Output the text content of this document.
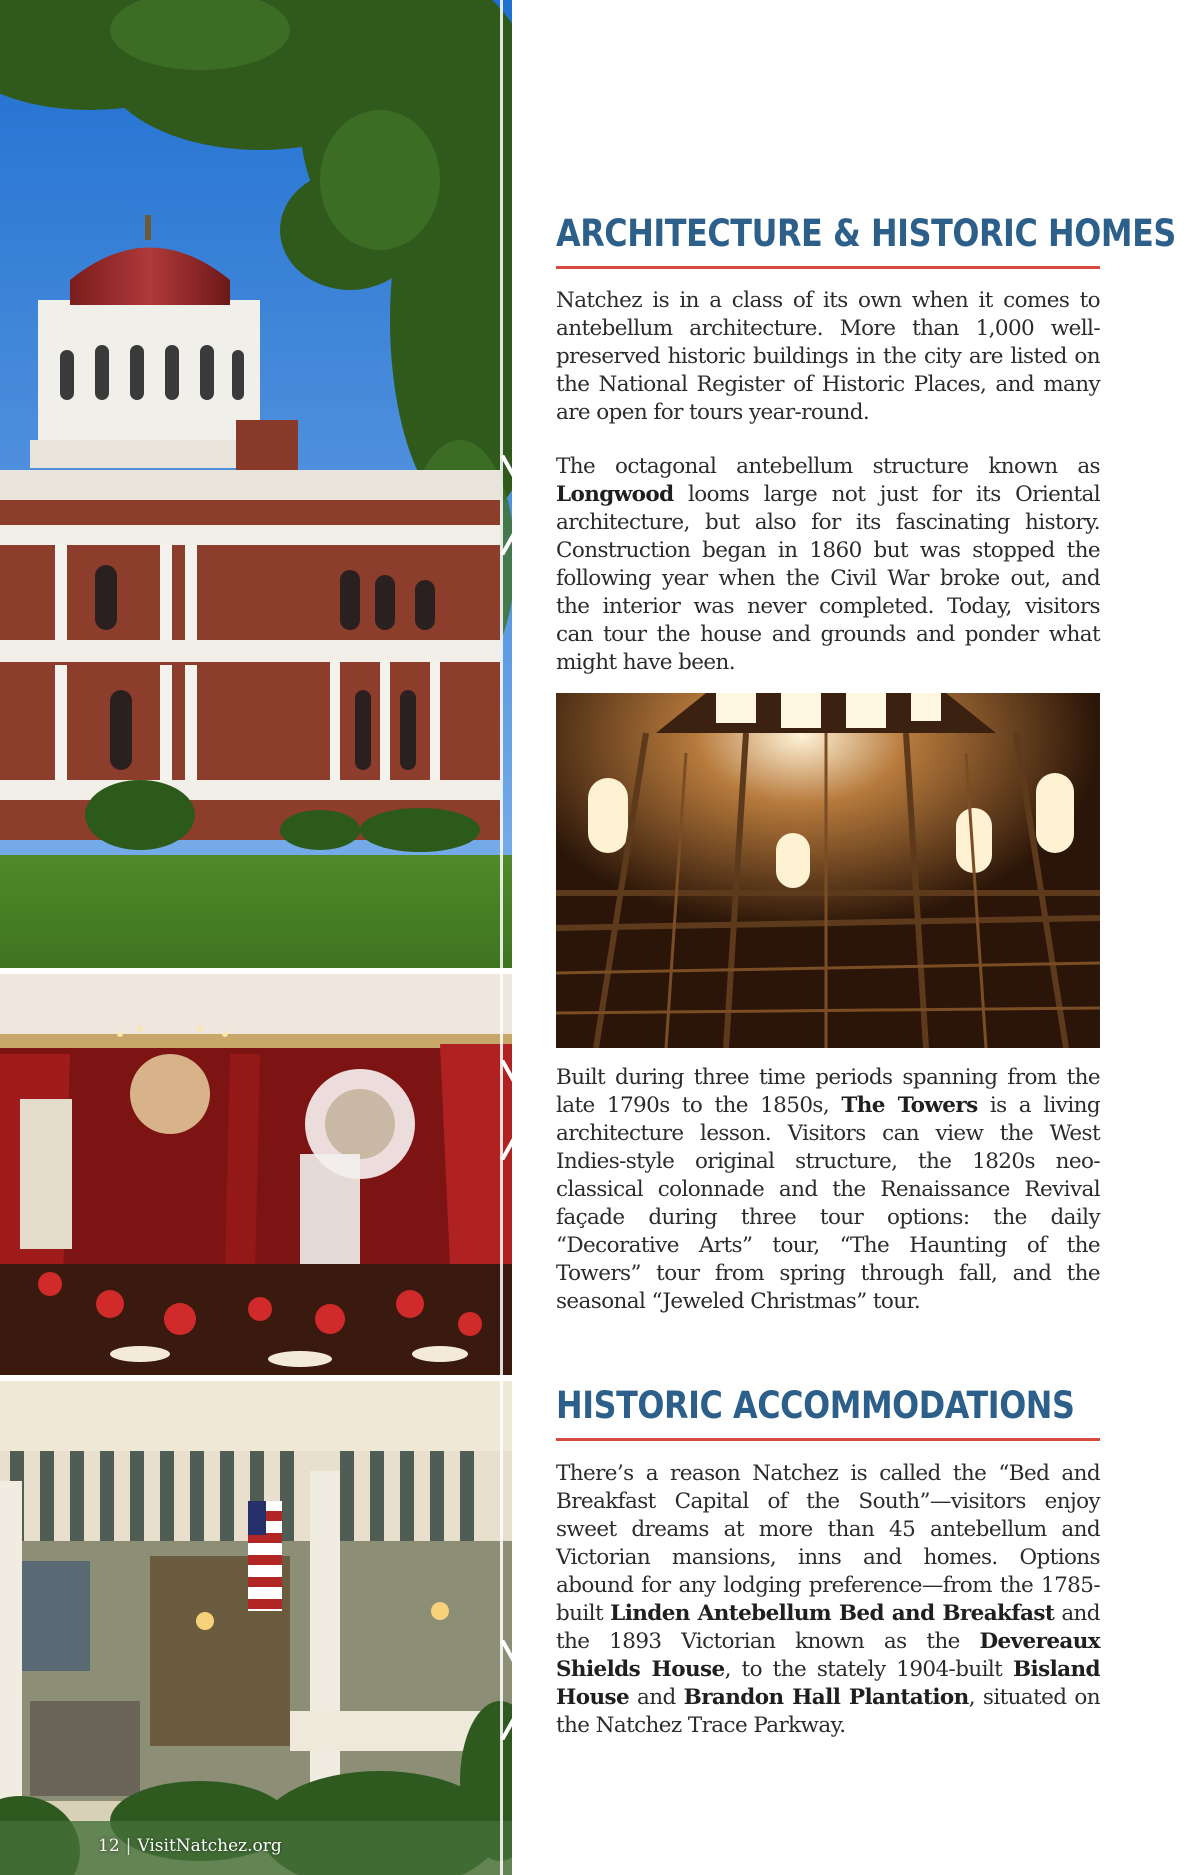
12 | VisitNatchez.org
ARCHITECTURE & HISTORIC HOMES

Natchez is in a class of its own when it comes to antebellum architecture. More than 1,000 well-preserved historic buildings in the city are listed on the National Register of Historic Places, and many are open for tours year-round.

The octagonal antebellum structure known as Longwood looms large not just for its Oriental architecture, but also for its fascinating history. Construction began in 1860 but was stopped the following year when the Civil War broke out, and the interior was never completed. Today, visitors can tour the house and grounds and ponder what might have been.

Built during three time periods spanning from the late 1790s to the 1850s, The Towers is a living architecture lesson. Visitors can view the West Indies-style original structure, the 1820s neo-classical colonnade and the Renaissance Revival façade during three tour options: the daily “Decorative Arts” tour, “The Haunting of the Towers” tour from spring through fall, and the seasonal “Jeweled Christmas” tour.

HISTORIC ACCOMMODATIONS

There’s a reason Natchez is called the “Bed and Breakfast Capital of the South”—visitors enjoy sweet dreams at more than 45 antebellum and Victorian mansions, inns and homes. Options abound for any lodging preference—from the 1785-built Linden Antebellum Bed and Breakfast and the 1893 Victorian known as the Devereaux Shields House, to the stately 1904-built Bisland House and Brandon Hall Plantation, situated on the Natchez Trace Parkway.
